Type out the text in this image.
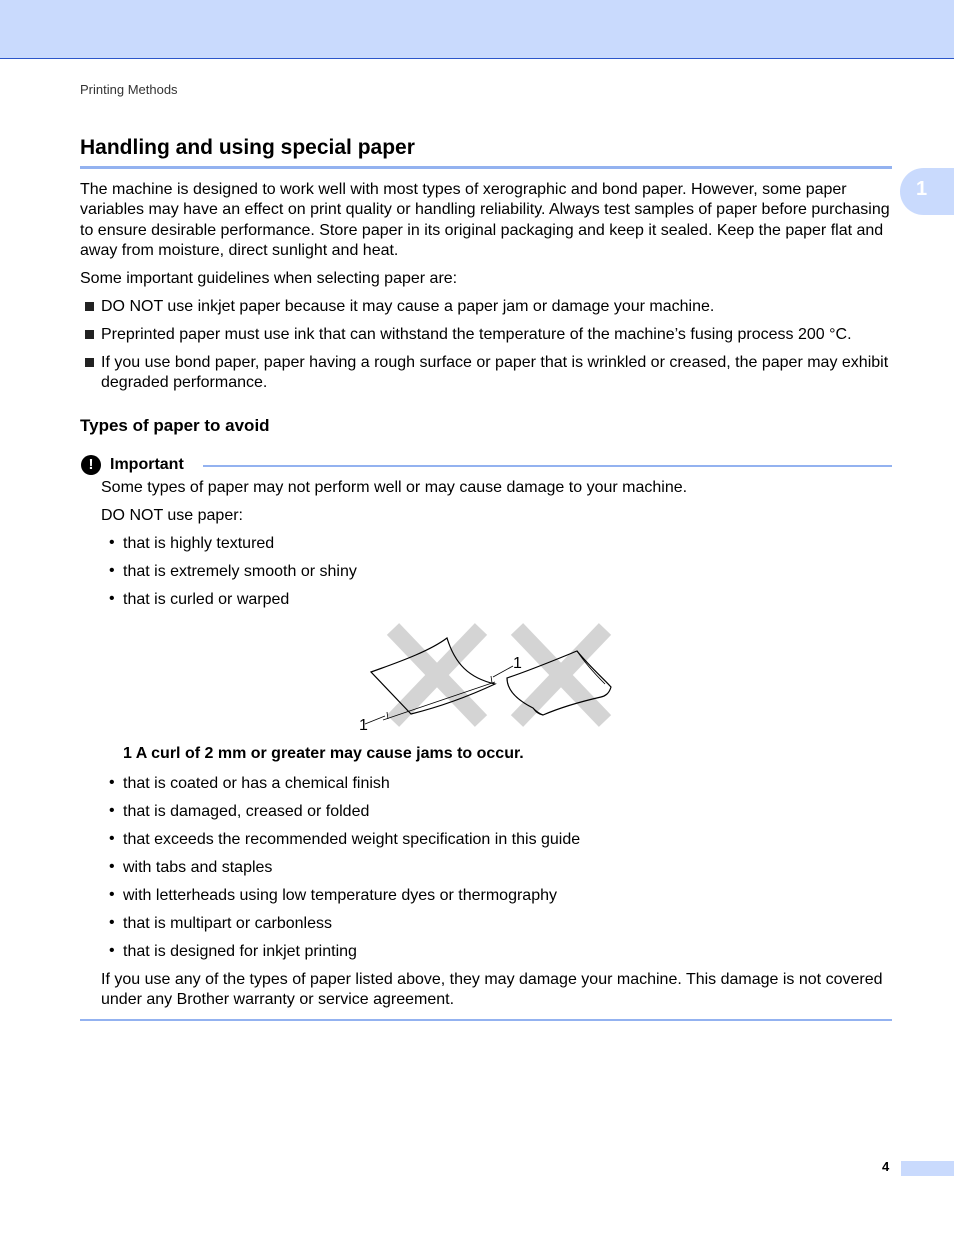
Printing Methods
1
Handling and using special paper
The machine is designed to work well with most types of xerographic and bond paper. However, some paper variables may have an effect on print quality or handling reliability. Always test samples of paper before purchasing to ensure desirable performance. Store paper in its original packaging and keep it sealed. Keep the paper flat and away from moisture, direct sunlight and heat.
Some important guidelines when selecting paper are:
DO NOT use inkjet paper because it may cause a paper jam or damage your machine.
Preprinted paper must use ink that can withstand the temperature of the machine’s fusing process 200 °C.
If you use bond paper, paper having a rough surface or paper that is wrinkled or creased, the paper may exhibit degraded performance.
Types of paper to avoid
!	Important
Some types of paper may not perform well or may cause damage to your machine.
DO NOT use paper:
• that is highly textured
• that is extremely smooth or shiny
• that is curled or warped
1
1
1 A curl of 2 mm or greater may cause jams to occur.
• that is coated or has a chemical finish
• that is damaged, creased or folded
• that exceeds the recommended weight specification in this guide
• with tabs and staples
• with letterheads using low temperature dyes or thermography
• that is multipart or carbonless
• that is designed for inkjet printing
If you use any of the types of paper listed above, they may damage your machine. This damage is not covered under any Brother warranty or service agreement.
4
